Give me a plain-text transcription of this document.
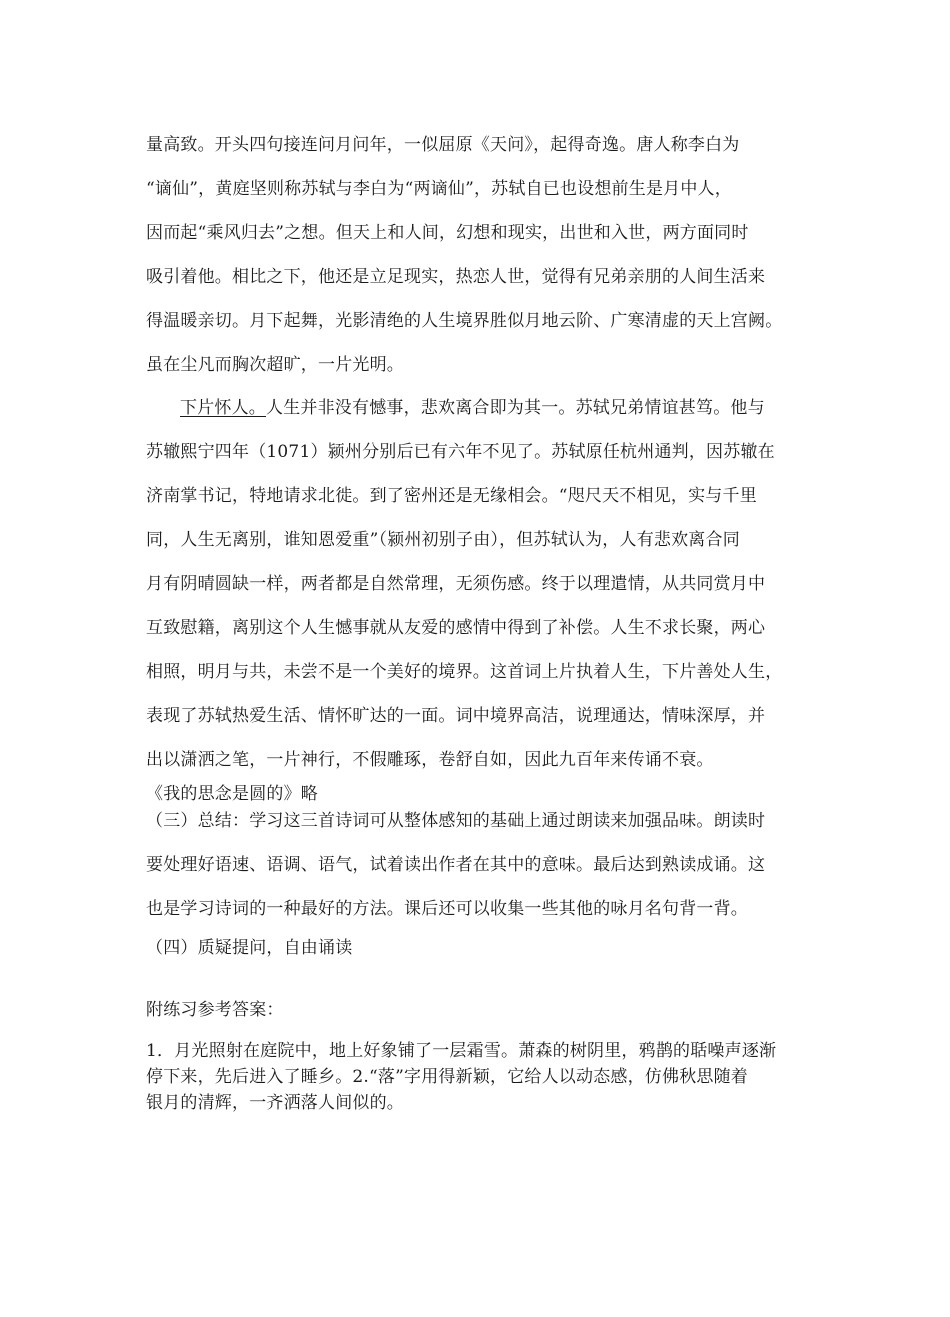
量高致。开头四句接连问月问年，一似屈原《天问》，起得奇逸。唐人称李白为
“谪仙”，黄庭坚则称苏轼与李白为“两谪仙”，苏轼自已也设想前生是月中人，
因而起“乘风归去”之想。但天上和人间，幻想和现实，出世和入世，两方面同时
吸引着他。相比之下，他还是立足现实，热恋人世，觉得有兄弟亲朋的人间生活来
得温暖亲切。月下起舞，光影清绝的人生境界胜似月地云阶、广寒清虚的天上宫阙。
虽在尘凡而胸次超旷，一片光明。
下片怀人。人生并非没有憾事，悲欢离合即为其一。苏轼兄弟情谊甚笃。他与
苏辙熙宁四年（1071）颍州分别后已有六年不见了。苏轼原任杭州通判，因苏辙在
济南掌书记，特地请求北徙。到了密州还是无缘相会。“咫尺天不相见，实与千里
同，人生无离别，谁知恩爱重”（颍州初别子由），但苏轼认为，人有悲欢离合同
月有阴晴圆缺一样，两者都是自然常理，无须伤感。终于以理遣情，从共同赏月中
互致慰籍，离别这个人生憾事就从友爱的感情中得到了补偿。人生不求长聚，两心
相照，明月与共，未尝不是一个美好的境界。这首词上片执着人生，下片善处人生，
表现了苏轼热爱生活、情怀旷达的一面。词中境界高洁，说理通达，情味深厚，并
出以潇洒之笔，一片神行，不假雕琢，卷舒自如，因此九百年来传诵不衰。
《我的思念是圆的》略
（三）总结：学习这三首诗词可从整体感知的基础上通过朗读来加强品味。朗读时
要处理好语速、语调、语气，试着读出作者在其中的意味。最后达到熟读成诵。这
也是学习诗词的一种最好的方法。课后还可以收集一些其他的咏月名句背一背。
（四）质疑提问，自由诵读
附练习参考答案：
1．月光照射在庭院中，地上好象铺了一层霜雪。萧森的树阴里，鸦鹊的聒噪声逐渐
停下来，先后进入了睡乡。2.“落”字用得新颖，它给人以动态感，仿佛秋思随着
银月的清辉，一齐洒落人间似的。
